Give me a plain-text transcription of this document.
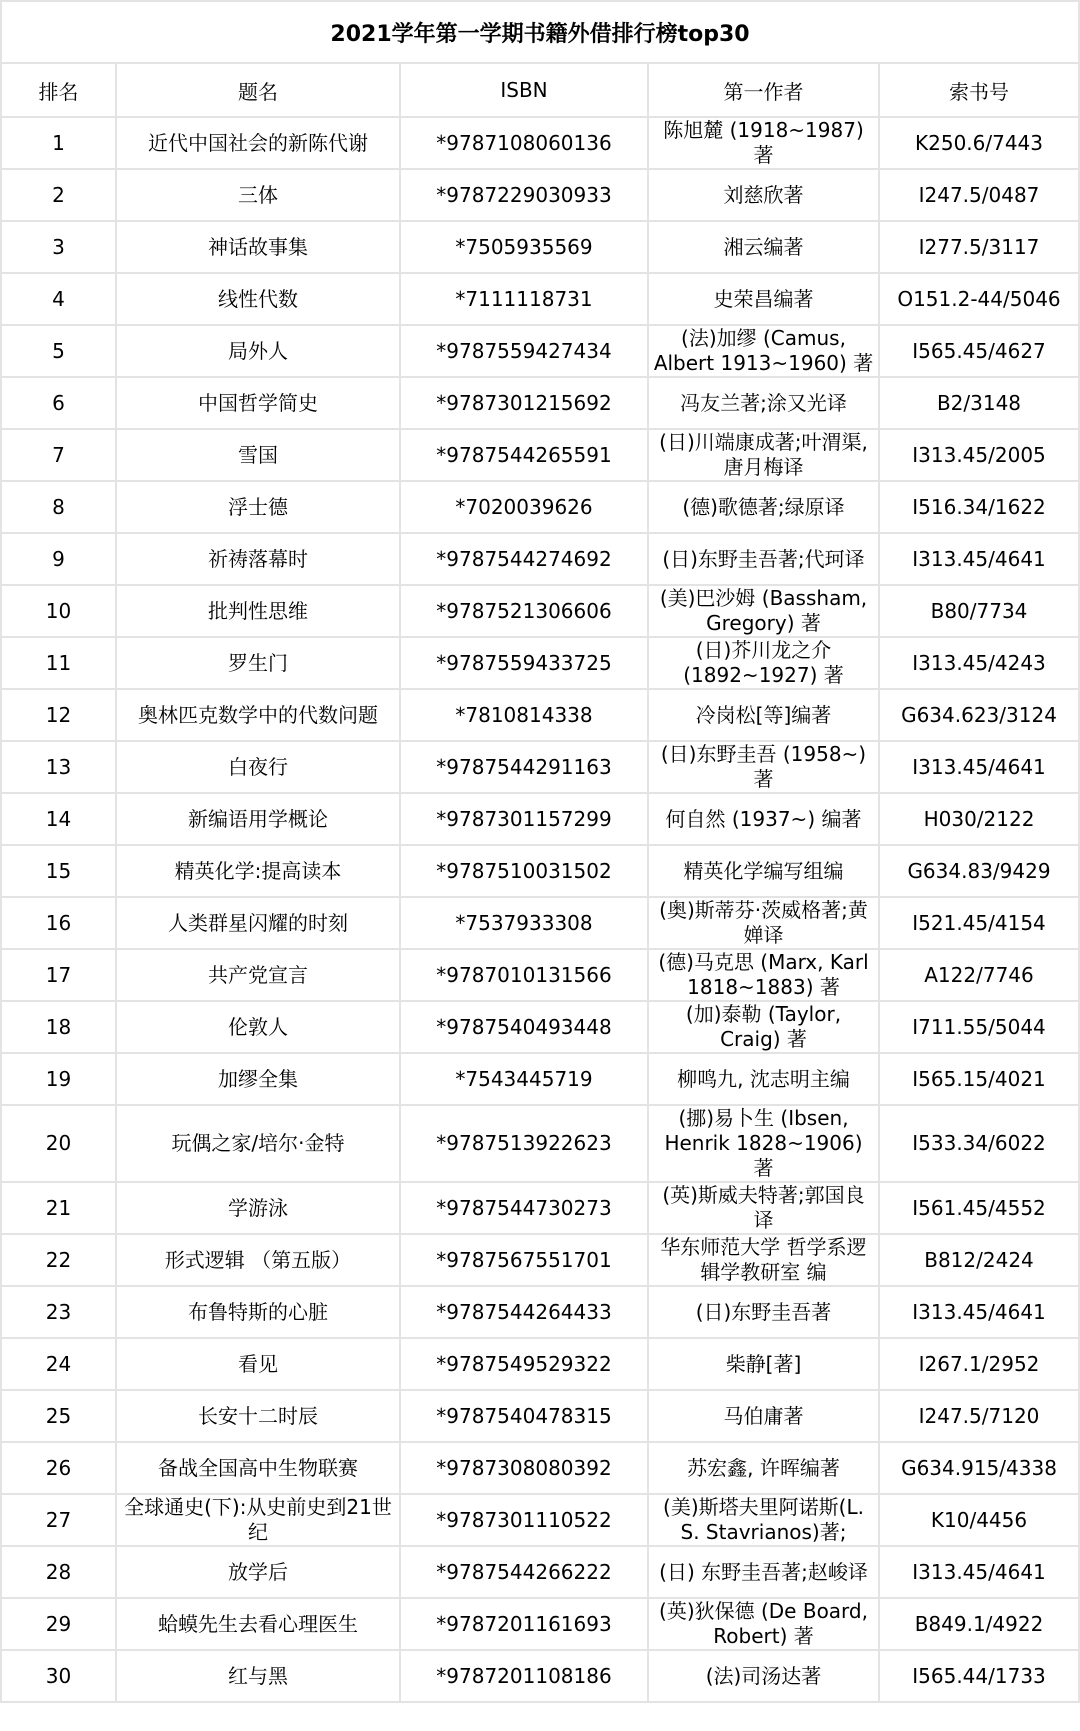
2021学年第一学期书籍外借排行榜top30				
排名	题名	ISBN	第一作者	索书号
1	近代中国社会的新陈代谢	*9787108060136	陈旭麓 (1918~1987) 著	K250.6/7443
2	三体	*9787229030933	刘慈欣著	I247.5/0487
3	神话故事集	*7505935569	湘云编著	I277.5/3117
4	线性代数	*7111118731	史荣昌编著	O151.2-44/5046
5	局外人	*9787559427434	(法)加缪 (Camus, Albert 1913~1960) 著	I565.45/4627
6	中国哲学简史	*9787301215692	冯友兰著;涂又光译	B2/3148
7	雪国	*9787544265591	(日)川端康成著;叶渭渠, 唐月梅译	I313.45/2005
8	浮士德	*7020039626	(德)歌德著;绿原译	I516.34/1622
9	祈祷落幕时	*9787544274692	(日)东野圭吾著;代珂译	I313.45/4641
10	批判性思维	*9787521306606	(美)巴沙姆 (Bassham, Gregory) 著	B80/7734
11	罗生门	*9787559433725	(日)芥川龙之介 (1892~1927) 著	I313.45/4243
12	奥林匹克数学中的代数问题	*7810814338	冷岗松[等]编著	G634.623/3124
13	白夜行	*9787544291163	(日)东野圭吾 (1958~) 著	I313.45/4641
14	新编语用学概论	*9787301157299	何自然 (1937~) 编著	H030/2122
15	精英化学:提高读本	*9787510031502	精英化学编写组编	G634.83/9429
16	人类群星闪耀的时刻	*7537933308	(奥)斯蒂芬·茨威格著;黄婵译	I521.45/4154
17	共产党宣言	*9787010131566	(德)马克思 (Marx, Karl 1818~1883) 著	A122/7746
18	伦敦人	*9787540493448	(加)泰勒 (Taylor, Craig) 著	I711.55/5044
19	加缪全集	*7543445719	柳鸣九, 沈志明主编	I565.15/4021
20	玩偶之家/培尔·金特	*9787513922623	(挪)易卜生 (Ibsen, Henrik 1828~1906) 著	I533.34/6022
21	学游泳	*9787544730273	(英)斯威夫特著;郭国良译	I561.45/4552
22	形式逻辑 （第五版）	*9787567551701	华东师范大学 哲学系逻辑学教研室 编	B812/2424
23	布鲁特斯的心脏	*9787544264433	(日)东野圭吾著	I313.45/4641
24	看见	*9787549529322	柴静[著]	I267.1/2952
25	长安十二时辰	*9787540478315	马伯庸著	I247.5/7120
26	备战全国高中生物联赛	*9787308080392	苏宏鑫, 许晖编著	G634.915/4338
27	全球通史(下):从史前史到21世纪	*9787301110522	(美)斯塔夫里阿诺斯(L. S. Stavrianos)著;	K10/4456
28	放学后	*9787544266222	(日) 东野圭吾著;赵峻译	I313.45/4641
29	蛤蟆先生去看心理医生	*9787201161693	(英)狄保德 (De Board, Robert) 著	B849.1/4922
30	红与黑	*9787201108186	(法)司汤达著	I565.44/1733
